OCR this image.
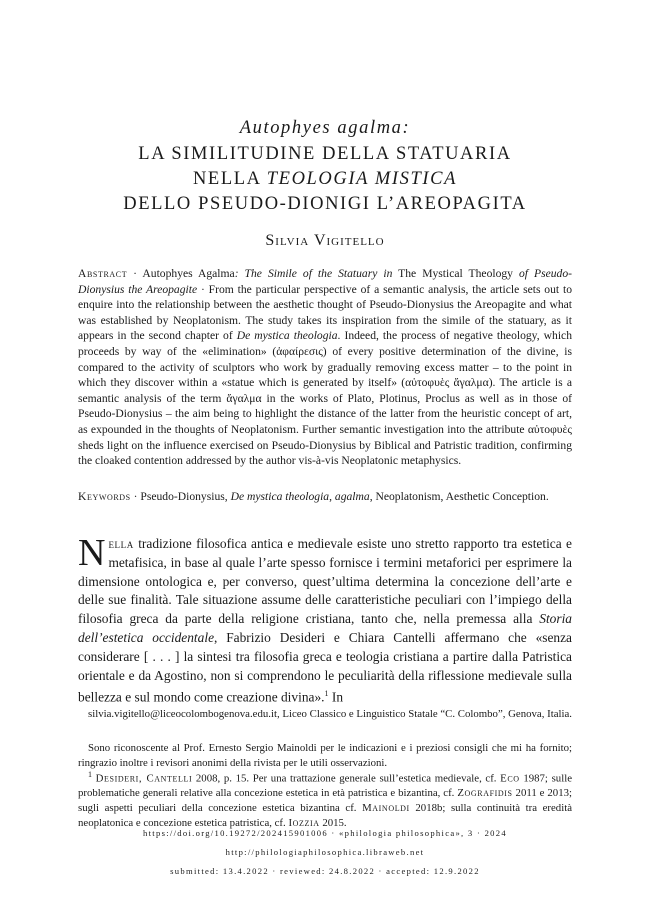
Autophyes agalma:
LA SIMILITUDINE DELLA STATUARIA
NELLA TEOLOGIA MISTICA
DELLO PSEUDO-DIONIGI L’AREOPAGITA
Silvia Vigitello
Abstract · Autophyes Agalma: The Simile of the Statuary in The Mystical Theology of Pseudo-Dionysius the Areopagite · From the particular perspective of a semantic analysis, the article sets out to enquire into the relationship between the aesthetic thought of Pseudo-Dionysius the Areopagite and what was established by Neoplatonism. The study takes its inspiration from the simile of the statuary, as it appears in the second chapter of De mystica theologia. Indeed, the process of negative theology, which proceeds by way of the «elimination» (ἀφαίρεσις) of every positive determination of the divine, is compared to the activity of sculptors who work by gradually removing excess matter – to the point in which they discover within a «statue which is generated by itself» (αὐτοφυὲς ἄγαλμα). The article is a semantic analysis of the term ἄγαλμα in the works of Plato, Plotinus, Proclus as well as in those of Pseudo-Dionysius – the aim being to highlight the distance of the latter from the heuristic concept of art, as expounded in the thoughts of Neoplatonism. Further semantic investigation into the attribute αὐτοφυὲς sheds light on the influence exercised on Pseudo-Dionysius by Biblical and Patristic tradition, confirming the cloaked contention addressed by the author vis-à-vis Neoplatonic metaphysics.
Keywords · Pseudo-Dionysius, De mystica theologia, agalma, Neoplatonism, Aesthetic Conception.
Nella tradizione filosofica antica e medievale esiste uno stretto rapporto tra estetica e metafisica, in base al quale l’arte spesso fornisce i termini metaforici per esprimere la dimensione ontologica e, per converso, quest’ultima determina la concezione dell’arte e delle sue finalità. Tale situazione assume delle caratteristiche peculiari con l’impiego della filosofia greca da parte della religione cristiana, tanto che, nella premessa alla Storia dell’estetica occidentale, Fabrizio Desideri e Chiara Cantelli affermano che «senza considerare [ . . . ] la sintesi tra filosofia greca e teologia cristiana a partire dalla Patristica orientale e da Agostino, non si comprendono le peculiarità della riflessione medievale sulla bellezza e sul mondo come creazione divina».$^1$ In
silvia.vigitello@liceocolombogenova.edu.it, Liceo Classico e Linguistico Statale “C. Colombo”, Genova, Italia.
Sono riconoscente al Prof. Ernesto Sergio Mainoldi per le indicazioni e i preziosi consigli che mi ha fornito; ringrazio inoltre i revisori anonimi della rivista per le utili osservazioni.
$^1$ Desideri, Cantelli 2008, p. 15. Per una trattazione generale sull’estetica medievale, cf. Eco 1987; sulle problematiche generali relative alla concezione estetica in età patristica e bizantina, cf. Zografidis 2011 e 2013; sugli aspetti peculiari della concezione estetica bizantina cf. Mainoldi 2018b; sulla continuità tra eredità neoplatonica e concezione estetica patristica, cf. Iozzia 2015.
https://doi.org/10.19272/202415901006 · «philologia philosophica», 3 · 2024
http://philologiaphilosophica.libraweb.net
submitted: 13.4.2022 · reviewed: 24.8.2022 · accepted: 12.9.2022
